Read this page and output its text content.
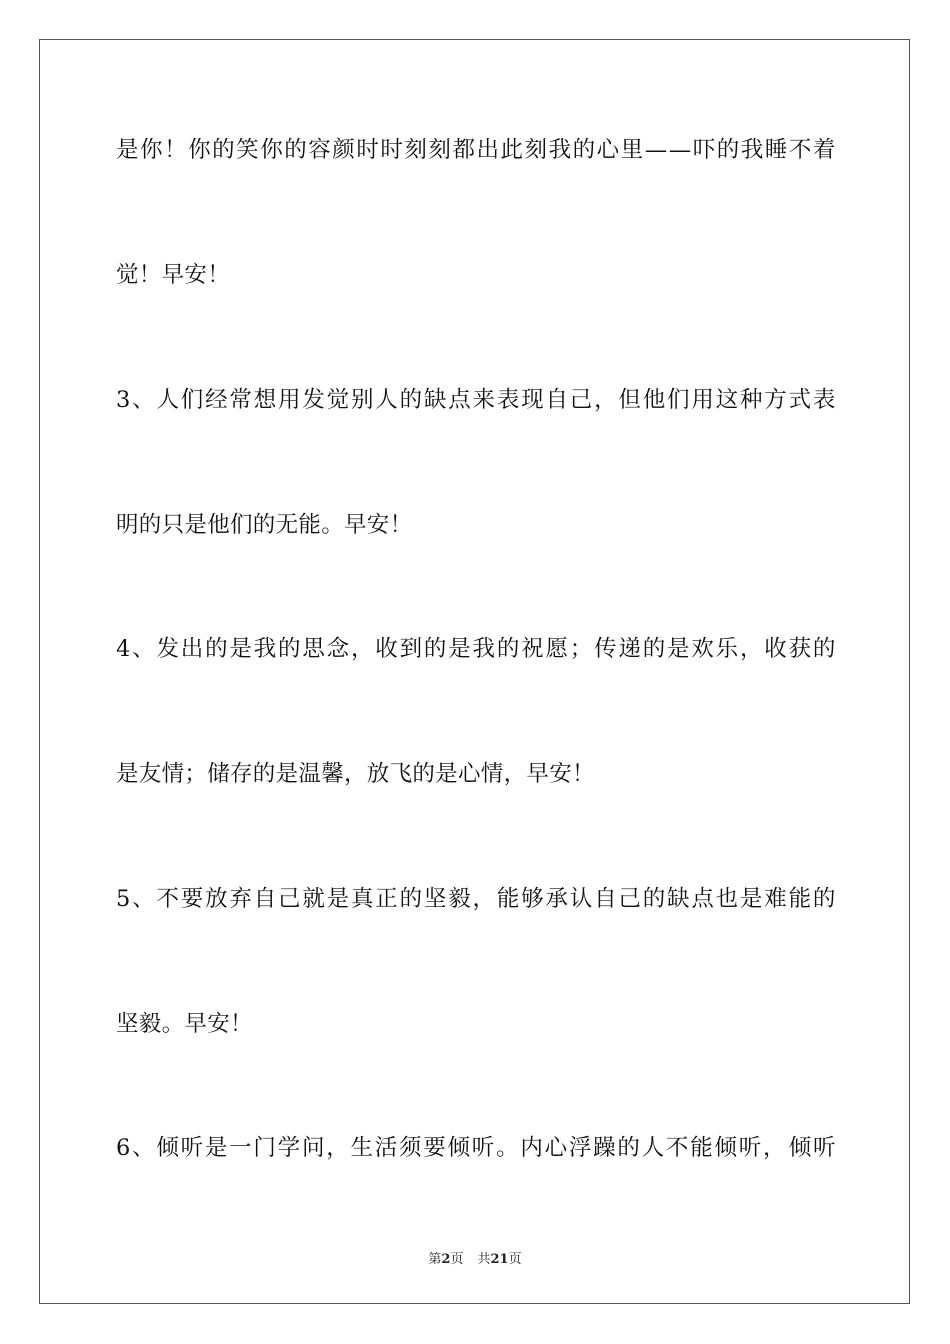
是 你 ！ 你 的 笑 你 的 容 颜 时 时 刻 刻 都 出 此 刻 我 的 心 里 — — 吓 的 我 睡 不 着
觉！早安！
3 、 人 们 经 常 想 用 发 觉 别 人 的 缺 点 来 表 现 自 己 ， 但 他 们 用 这 种 方 式 表
明的只是他们的无能。早安！
4 、 发 出 的 是 我 的 思 念 ， 收 到 的 是 我 的 祝 愿 ； 传 递 的 是 欢 乐 ， 收 获 的
是友情；储存的是温馨，放飞的是心情，早安！
5 、 不 要 放 弃 自 己 就 是 真 正 的 坚 毅 ， 能 够 承 认 自 己 的 缺 点 也 是 难 能 的
坚毅。早安！
6 、 倾 听 是 一 门 学 问 ， 生 活 须 要 倾 听 。 内 心 浮 躁 的 人 不 能 倾 听 ， 倾 听
第2页 共21页
